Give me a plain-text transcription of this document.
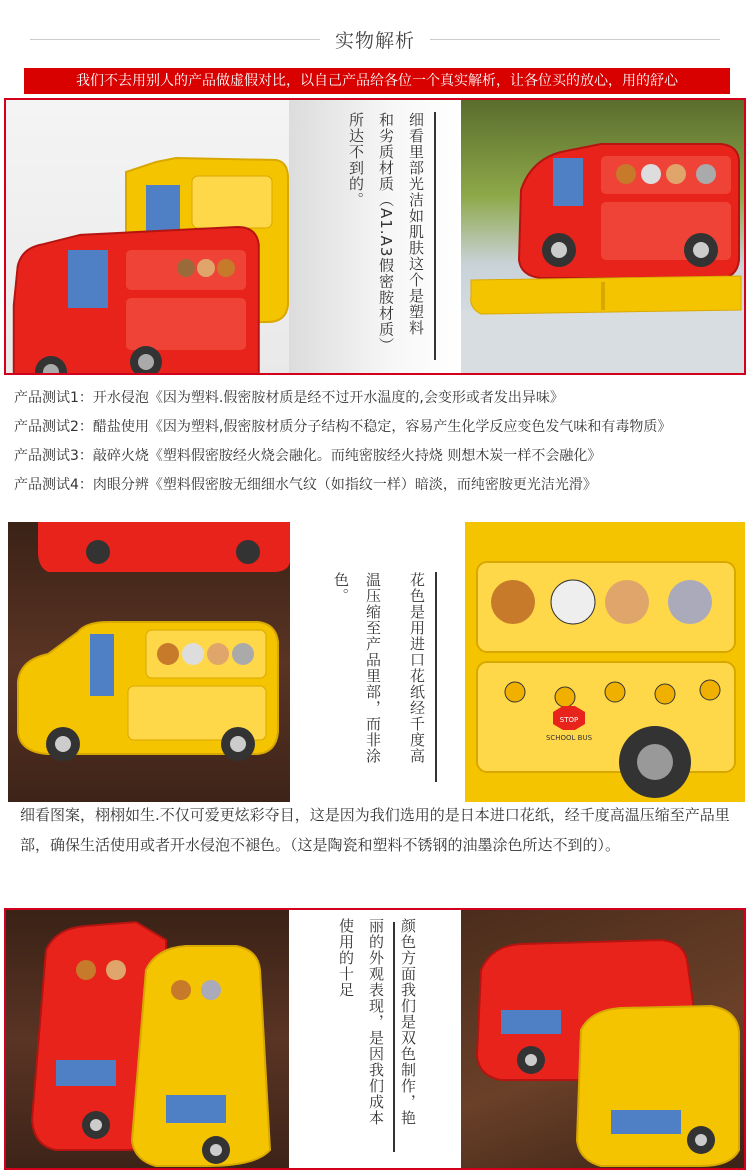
实物解析
我们不去用别人的产品做虚假对比，以自己产品给各位一个真实解析，让各位买的放心，用的舒心
细看里部光洁如肌肤这个是塑料
和劣质材质（A1.A3假密胺材质）
所达不到的。
产品测试1：开水侵泡《因为塑料.假密胺材质是经不过开水温度的,会变形或者发出异味》
产品测试2：醋盐使用《因为塑料,假密胺材质分子结构不稳定，容易产生化学反应变色发气味和有毒物质》
产品测试3：敲碎火烧《塑料假密胺经火烧会融化。而纯密胺经火持烧 则想木炭一样不会融化》
产品测试4：肉眼分辨《塑料假密胺无细细水气纹（如指纹一样）暗淡，而纯密胺更光洁光滑》
花色是用进口花纸经千度高
温压缩至产品里部，而非涂
色。
STOP
SCHOOL BUS
细看图案，栩栩如生.不仅可爱更炫彩夺目，这是因为我们选用的是日本进口花纸，经千度高温压缩至产品里部，确保生活使用或者开水侵泡不褪色。（这是陶瓷和塑料不锈钢的油墨涂色所达不到的）。
颜色方面我们是双色制作，艳
丽的外观表现，是因我们成本
使用的十足
